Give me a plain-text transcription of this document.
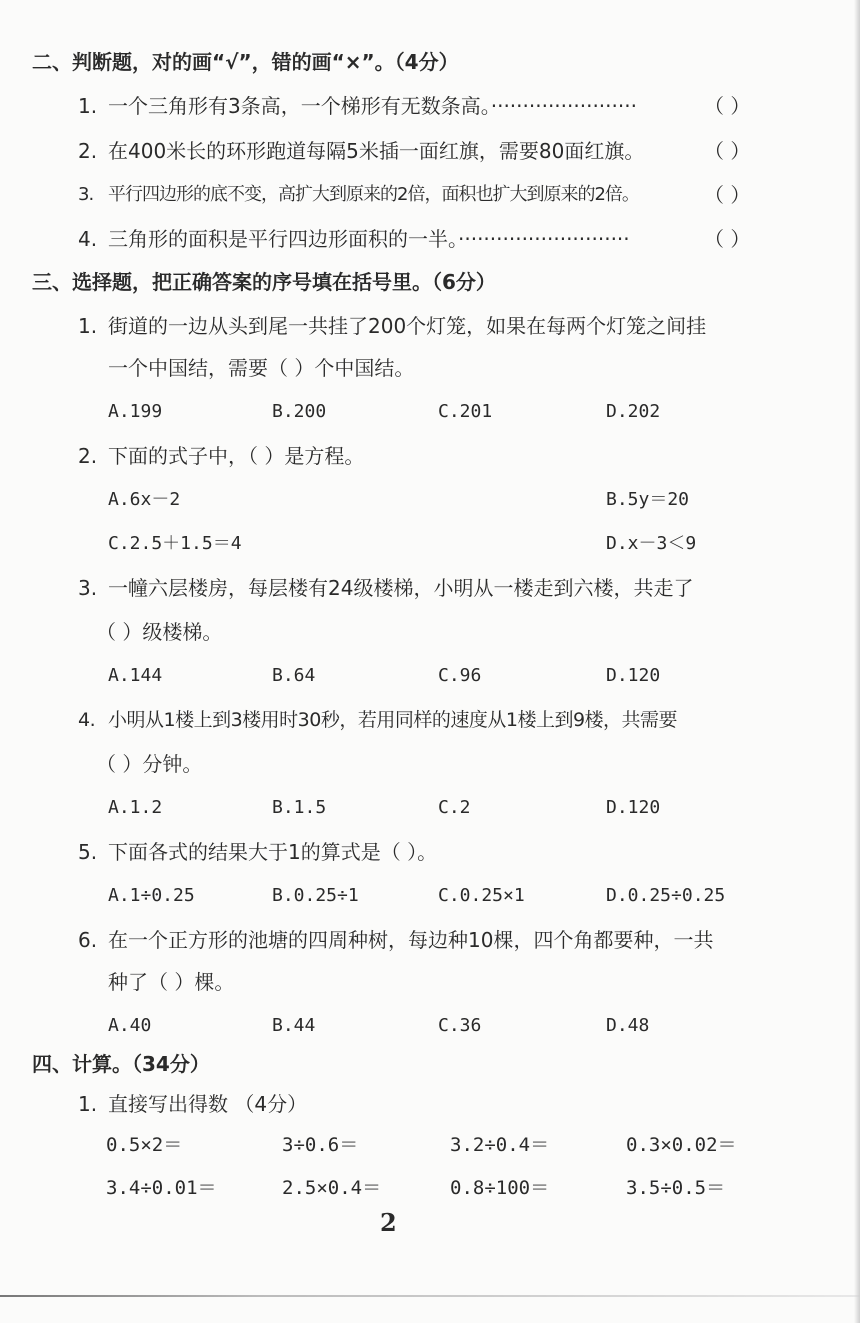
二、判断题，对的画“√”，错的画“×”。（4分）
1. 一个三角形有3条高，一个梯形有无数条高。·······················	（ ）
2. 在400米长的环形跑道每隔5米插一面红旗，需要80面红旗。	（ ）
3. 平行四边形的底不变，高扩大到原来的2倍，面积也扩大到原来的2倍。	（ ）
4. 三角形的面积是平行四边形面积的一半。···························	（ ）
三、选择题，把正确答案的序号填在括号里。（6分）
1. 街道的一边从头到尾一共挂了200个灯笼，如果在每两个灯笼之间挂
一个中国结，需要（ ）个中国结。
A.199	B.200	C.201	D.202
2. 下面的式子中，（ ）是方程。
A.6x－2	B.5y＝20
C.2.5＋1.5＝4	D.x－3＜9
3. 一幢六层楼房，每层楼有24级楼梯，小明从一楼走到六楼，共走了
（ ）级楼梯。
A.144	B.64	C.96	D.120
4. 小明从1楼上到3楼用时30秒，若用同样的速度从1楼上到9楼，共需要
（ ）分钟。
A.1.2	B.1.5	C.2	D.120
5. 下面各式的结果大于1的算式是（ ）。
A.1÷0.25	B.0.25÷1	C.0.25×1	D.0.25÷0.25
6. 在一个正方形的池塘的四周种树，每边种10棵，四个角都要种，一共
种了（ ）棵。
A.40	B.44	C.36	D.48
四、计算。（34分）
1. 直接写出得数 （4分）
0.5×2＝	3÷0.6＝	3.2÷0.4＝	0.3×0.02＝
3.4÷0.01＝	2.5×0.4＝	0.8÷100＝	3.5÷0.5＝
2
